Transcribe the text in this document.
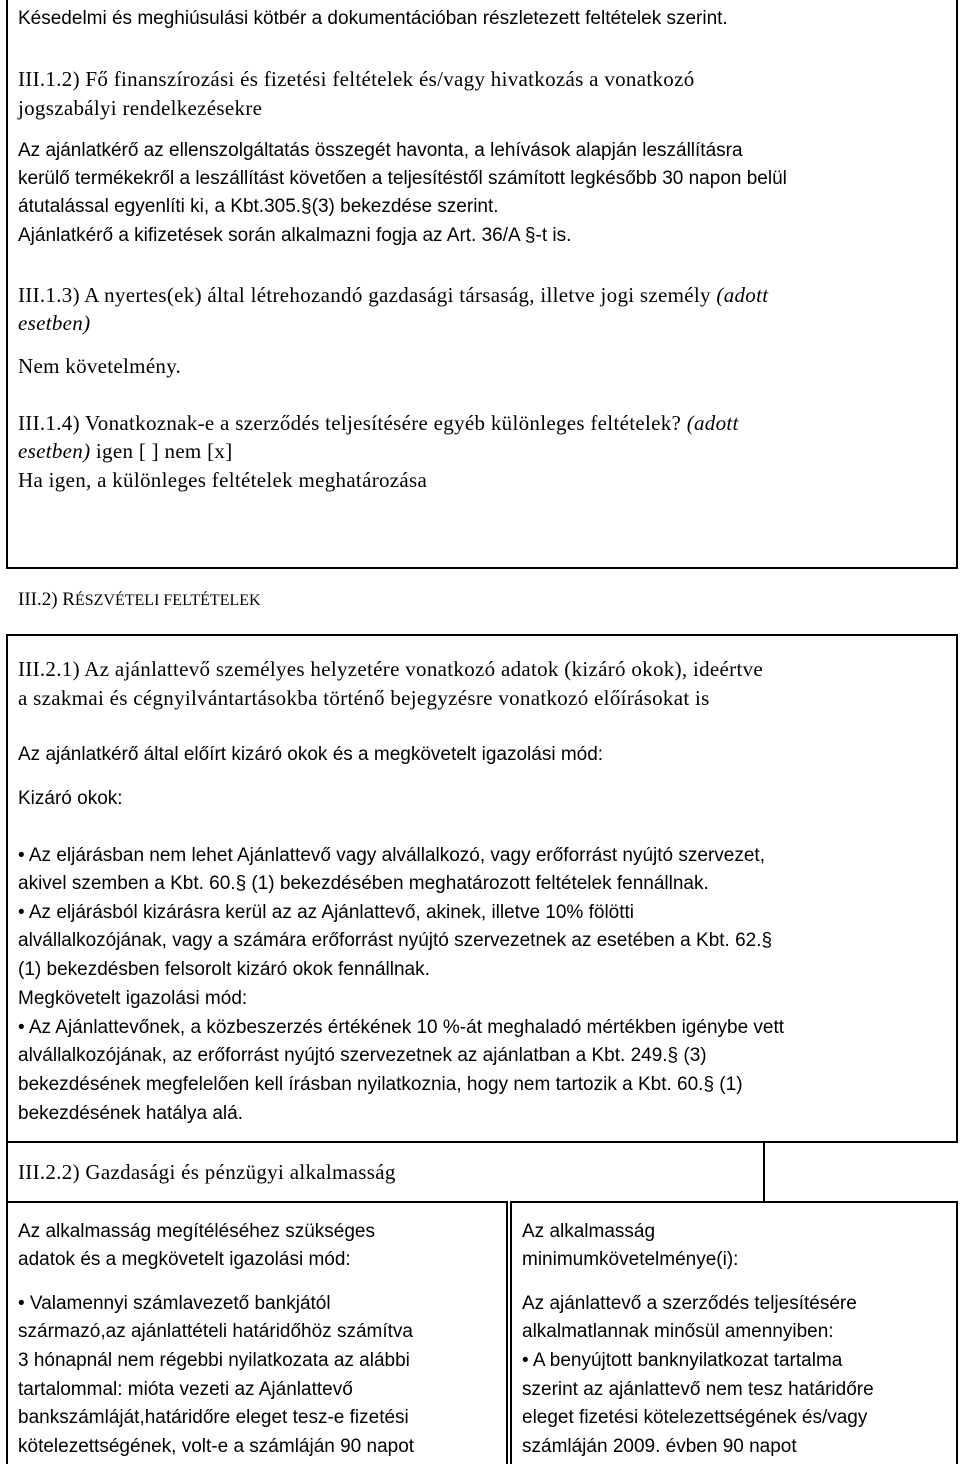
Késedelmi és meghiúsulási kötbér a dokumentációban részletezett feltételek szerint.
III.1.2) Fő finanszírozási és fizetési feltételek és/vagy hivatkozás a vonatkozó
jogszabályi rendelkezésekre
Az ajánlatkérő az ellenszolgáltatás összegét havonta, a lehívások alapján leszállításra
kerülő termékekről a leszállítást követően a teljesítéstől számított legkésőbb 30 napon belül
átutalással egyenlíti ki, a Kbt.305.§(3) bekezdése szerint.
Ajánlatkérő a kifizetések során alkalmazni fogja az Art. 36/A §-t is.
III.1.3) A nyertes(ek) által létrehozandó gazdasági társaság, illetve jogi személy (adott
esetben)
Nem követelmény.
III.1.4) Vonatkoznak-e a szerződés teljesítésére egyéb különleges feltételek? (adott
esetben) igen [ ] nem [x]
Ha igen, a különleges feltételek meghatározása
III.2) RÉSZVÉTELI FELTÉTELEK
III.2.1) Az ajánlattevő személyes helyzetére vonatkozó adatok (kizáró okok), ideértve
a szakmai és cégnyilvántartásokba történő bejegyzésre vonatkozó előírásokat is
Az ajánlatkérő által előírt kizáró okok és a megkövetelt igazolási mód:
Kizáró okok:
• Az eljárásban nem lehet Ajánlattevő vagy alvállalkozó, vagy erőforrást nyújtó szervezet,
akivel szemben a Kbt. 60.§ (1) bekezdésében meghatározott feltételek fennállnak.
• Az eljárásból kizárásra kerül az az Ajánlattevő, akinek, illetve 10% fölötti
alvállalkozójának, vagy a számára erőforrást nyújtó szervezetnek az esetében a Kbt. 62.§
(1) bekezdésben felsorolt kizáró okok fennállnak.
Megkövetelt igazolási mód:
• Az Ajánlattevőnek, a közbeszerzés értékének 10 %-át meghaladó mértékben igénybe vett
alvállalkozójának, az erőforrást nyújtó szervezetnek az ajánlatban a Kbt. 249.§ (3)
bekezdésének megfelelően kell írásban nyilatkoznia, hogy nem tartozik a Kbt. 60.§ (1)
bekezdésének hatálya alá.
III.2.2) Gazdasági és pénzügyi alkalmasság
Az alkalmasság megítéléséhez szükséges
adatok és a megkövetelt igazolási mód:
• Valamennyi számlavezető bankjától
származó,az ajánlattételi határidőhöz számítva
3 hónapnál nem régebbi nyilatkozata az alábbi
tartalommal: mióta vezeti az Ajánlattevő
bankszámláját,határidőre eleget tesz-e fizetési
kötelezettségének, volt-e a számláján 90 napot
Az alkalmasság
minimumkövetelménye(i):
Az ajánlattevő a szerződés teljesítésére
alkalmatlannak minősül amennyiben:
• A benyújtott banknyilatkozat tartalma
szerint az ajánlattevő nem tesz határidőre
eleget fizetési kötelezettségének és/vagy
számláján 2009. évben 90 napot
